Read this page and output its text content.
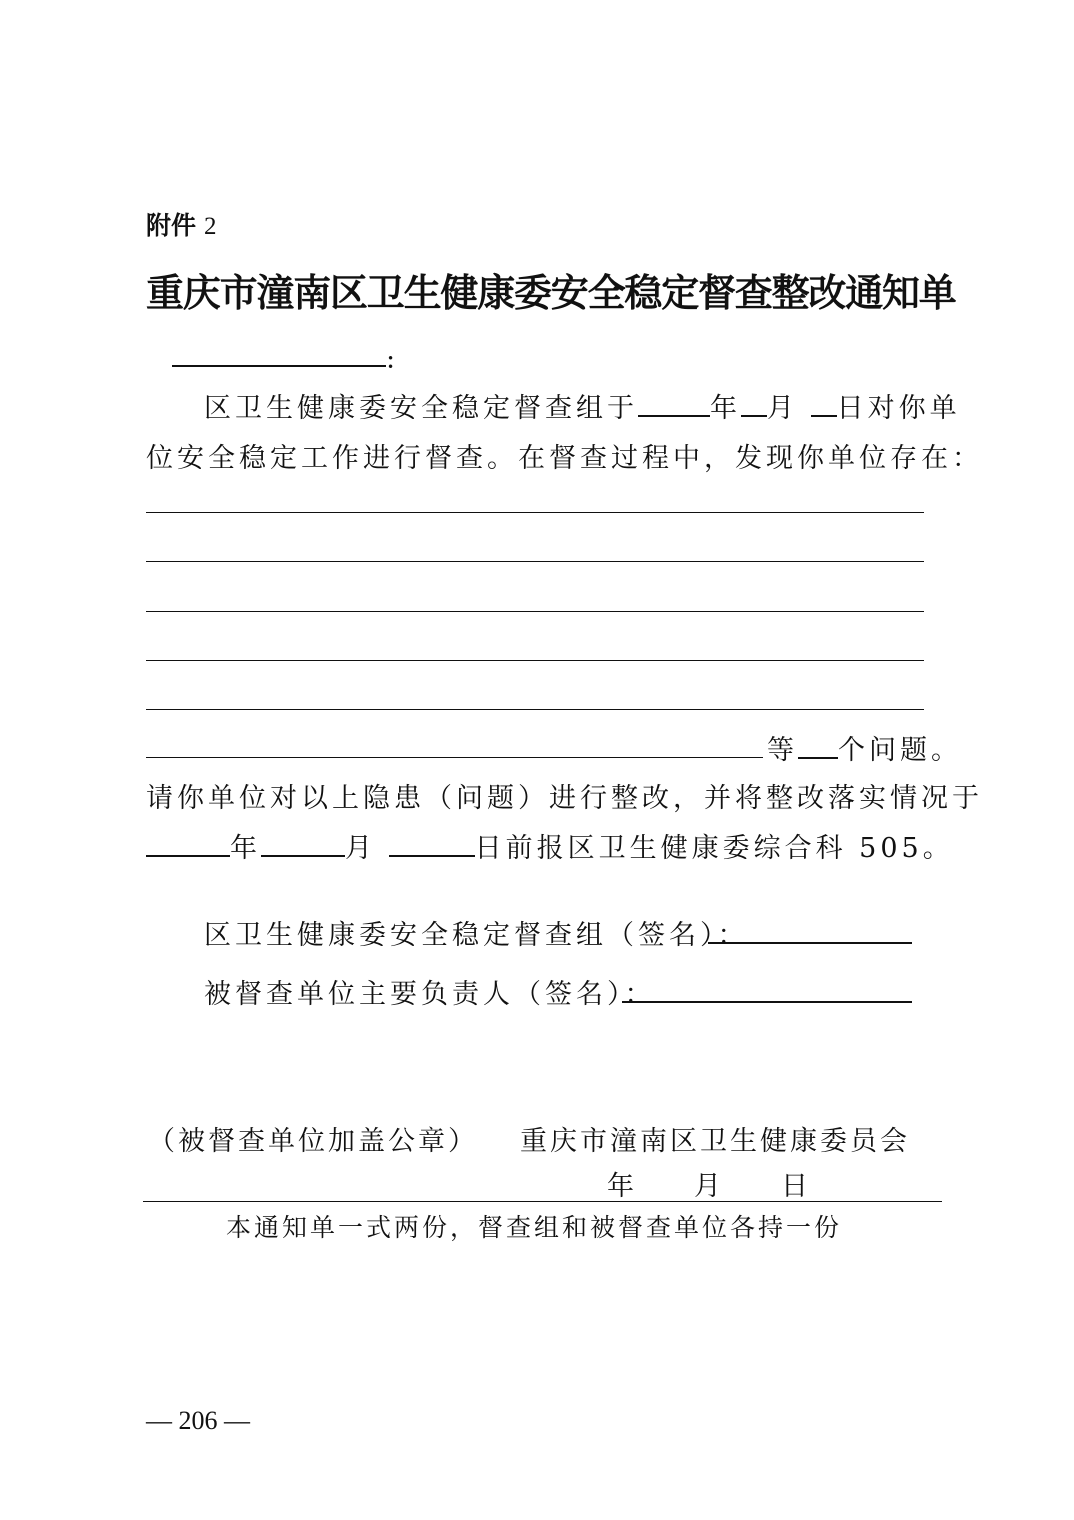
附件 2
重庆市潼南区卫生健康委安全稳定督查整改通知单
:
区卫生健康委安全稳定督查组于	年 月 日对你单
位安全稳定工作进行督查。在督查过程中，发现你单位存在：
等 个问题。
请你单位对以上隐患（问题）进行整改，并将整改落实情况于
年	月	日前报区卫生健康委综合科 505。
区卫生健康委安全稳定督查组（签名）：
被督查单位主要负责人（签名）：
（被督查单位加盖公章） 重庆市潼南区卫生健康委员会
年 月 日
本通知单一式两份，督查组和被督查单位各持一份
— 206 —
